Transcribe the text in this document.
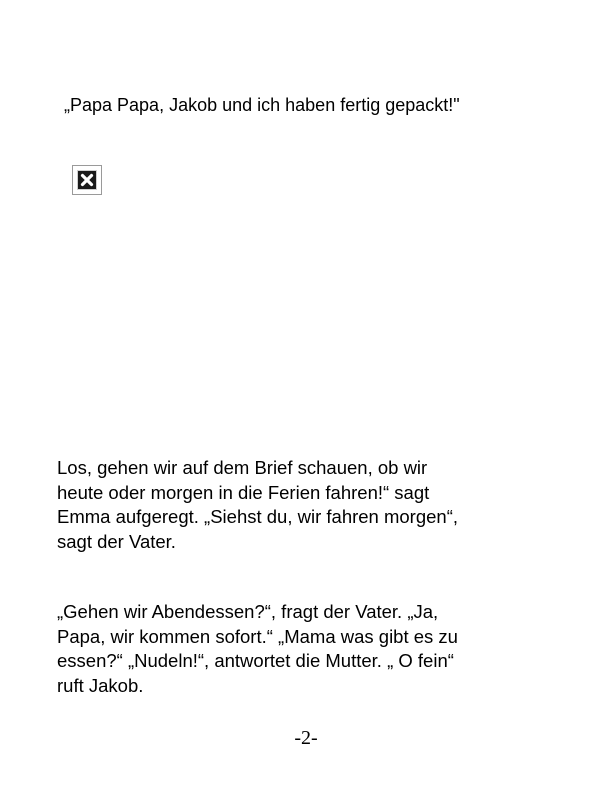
„Papa Papa, Jakob und ich haben fertig gepackt!"
Los, gehen wir auf dem Brief schauen, ob wir
heute oder morgen in die Ferien fahren!“ sagt
Emma aufgeregt. „Siehst du, wir fahren morgen“,
sagt der Vater.
„Gehen wir Abendessen?“, fragt der Vater. „Ja,
Papa, wir kommen sofort.“ „Mama was gibt es zu
essen?“ „Nudeln!“, antwortet die Mutter. „ O fein“
ruft Jakob.
-2-
